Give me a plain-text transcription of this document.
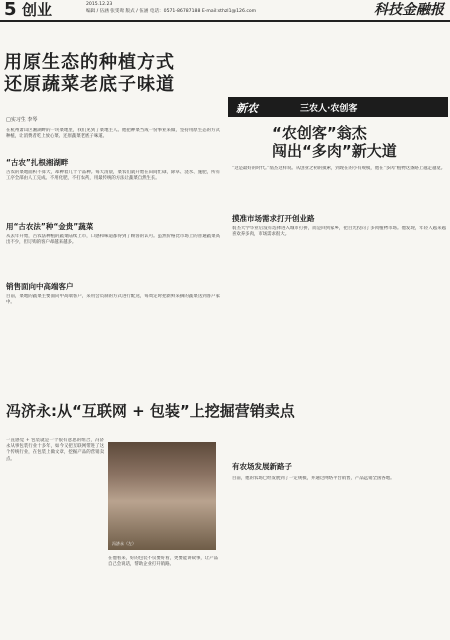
5 创业	2015.12.23
编辑 / 伍涵 张雯鸯 版式 / 伍涵 电话：0571-86787188 E-mail:sthzl1@126.com	科技金融报
用原生态的种植方式
还原蔬菜老底子味道
□实习生 李琴
在杭州萧山区湘湖畔的一块菜地里，我们见到了菜地主人。他把种菜当成一份事业来做，坚持用原生态的方式种植，让消费者吃上放心菜、还原蔬菜老底子味道。
“古农”扎根湘湖畔
古农的菜地面积不算大，却种着几十个品种。每天清晨，菜农们就开始在田间忙碌，除草、浇水、施肥，所有工序全部由人工完成。不用化肥，不打农药，用最传统的方法让蔬菜自然生长。
用“古农法”种“金贵”蔬菜
从去年开始，古农法种植的蔬菜陆续上市，口感和味道都得到了顾客的认可。虽然价格比市场上的普通蔬菜高出不少，但订购的客户却越来越多。
销售面向中高端客户
目前，菜地的蔬菜主要面向中高端客户，采用会员制的方式进行配送，每周定时把新鲜采摘的蔬菜送到客户家中。
冯济永:从“互联网 + 包装”上挖掘营销卖点
一直感觉 + 包装就是一个很有意思的组合，冯济永从事包装行业十多年，如今又把互联网带进了这个传统行业，在包装上做文章，挖掘产品的营销卖点。
冯济永（左）
在他看来，好的包装不仅要好看，更要能讲故事，让产品自己会说话，帮助企业打开销路。
新农	三农人·农创客
“农创客”翁杰
闯出“多肉”新大道
“这是最好的时代。”翁杰这样说。从创业之初的摸索，到现在的小有规模，他在“多肉”植物这条路上越走越宽。
摸准市场需求打开创业路
翁杰大学毕业后没有选择进入城市打拼，而是回到家乡，把目光投向了多肉植物市场。他发现，年轻人越来越喜欢养多肉，市场需求很大。
有农场发展新路子
目前，他的农场已经发展到了一定规模，并通过网络平台销售，产品远销全国各地。
